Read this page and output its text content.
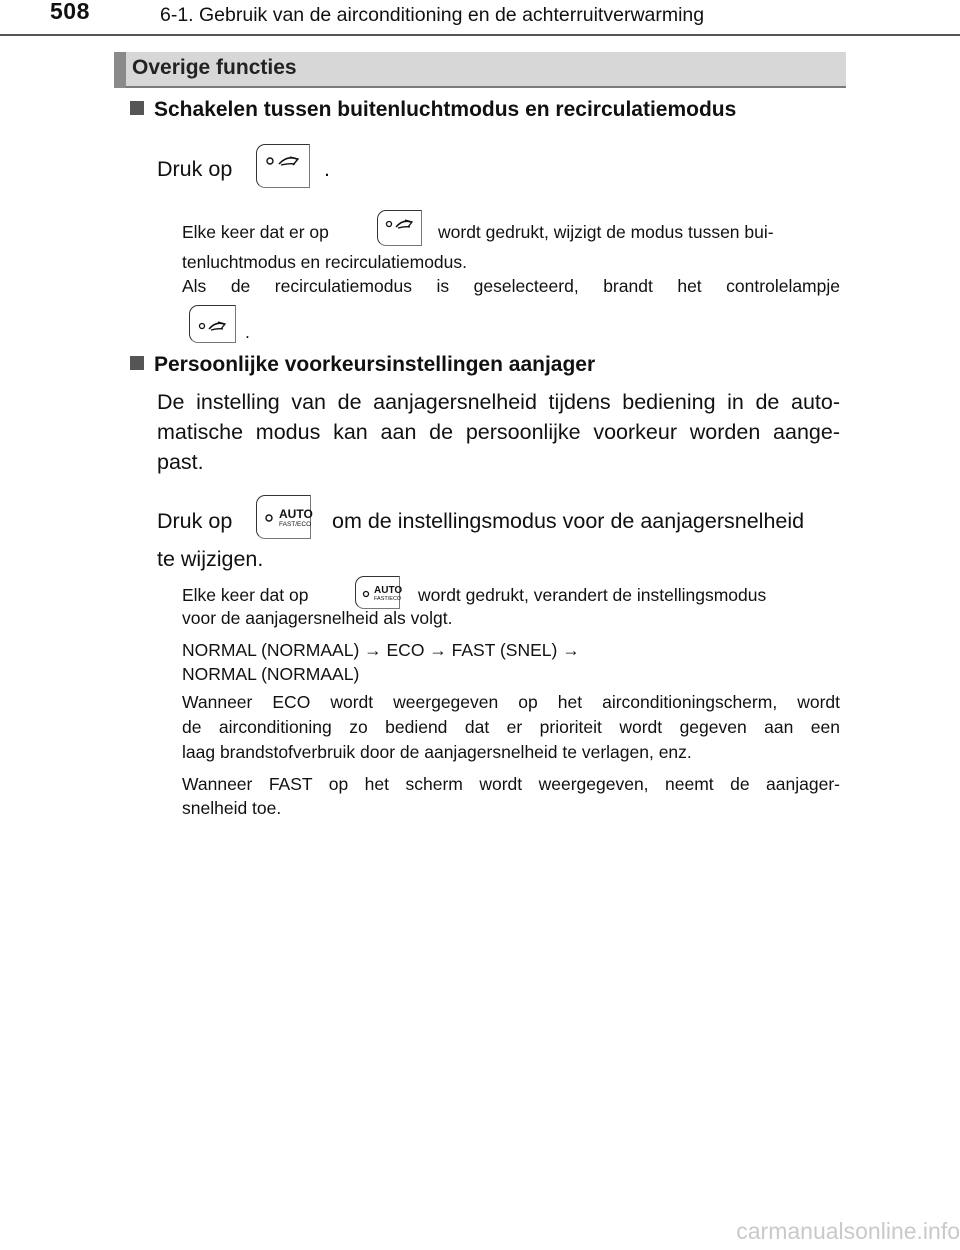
508	6-1. Gebruik van de airconditioning en de achterruitverwarming
Overige functies
Schakelen tussen buitenluchtmodus en recirculatiemodus
Druk op	.
Elke keer dat er op	wordt gedrukt, wijzigt de modus tussen bui-
tenluchtmodus en recirculatiemodus.
Als de recirculatiemodus is geselecteerd, brandt het controlelampje
.
Persoonlijke voorkeursinstellingen aanjager
De instelling van de aanjagersnelheid tijdens bediening in de auto-
matische modus kan aan de persoonlijke voorkeur worden aange-
past.
Druk op	AUTO
FAST/ECO om de instellingsmodus voor de aanjagersnelheid
te wijzigen.
Elke keer dat op	AUTO
FAST/ECO wordt gedrukt, verandert de instellingsmodus
voor de aanjagersnelheid als volgt.
NORMAL (NORMAAL) → ECO → FAST (SNEL) →
NORMAL (NORMAAL)
Wanneer ECO wordt weergegeven op het airconditioningscherm, wordt
de airconditioning zo bediend dat er prioriteit wordt gegeven aan een
laag brandstofverbruik door de aanjagersnelheid te verlagen, enz.
Wanneer FAST op het scherm wordt weergegeven, neemt de aanjager-
snelheid toe.
carmanualsonline.info
